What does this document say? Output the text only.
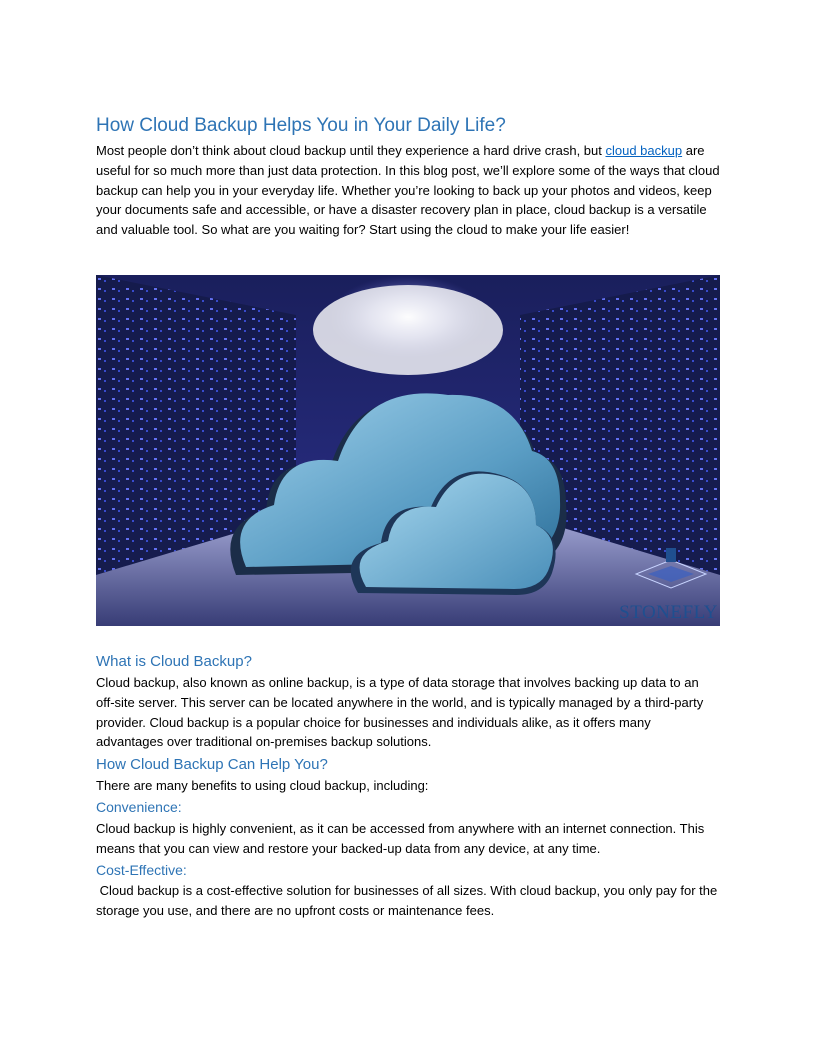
How Cloud Backup Helps You in Your Daily Life?

Most people don’t think about cloud backup until they experience a hard drive crash, but cloud backup are useful for so much more than just data protection. In this blog post, we’ll explore some of the ways that cloud backup can help you in your everyday life. Whether you’re looking to back up your photos and videos, keep your documents safe and accessible, or have a disaster recovery plan in place, cloud backup is a versatile and valuable tool. So what are you waiting for? Start using the cloud to make your life easier!

STONEFLY
What is Cloud Backup?

Cloud backup, also known as online backup, is a type of data storage that involves backing up data to an off-site server. This server can be located anywhere in the world, and is typically managed by a third-party provider. Cloud backup is a popular choice for businesses and individuals alike, as it offers many advantages over traditional on-premises backup solutions.

How Cloud Backup Can Help You?

There are many benefits to using cloud backup, including:

Convenience:

Cloud backup is highly convenient, as it can be accessed from anywhere with an internet connection. This means that you can view and restore your backed-up data from any device, at any time.

Cost-Effective:

Cloud backup is a cost-effective solution for businesses of all sizes. With cloud backup, you only pay for the storage you use, and there are no upfront costs or maintenance fees.
